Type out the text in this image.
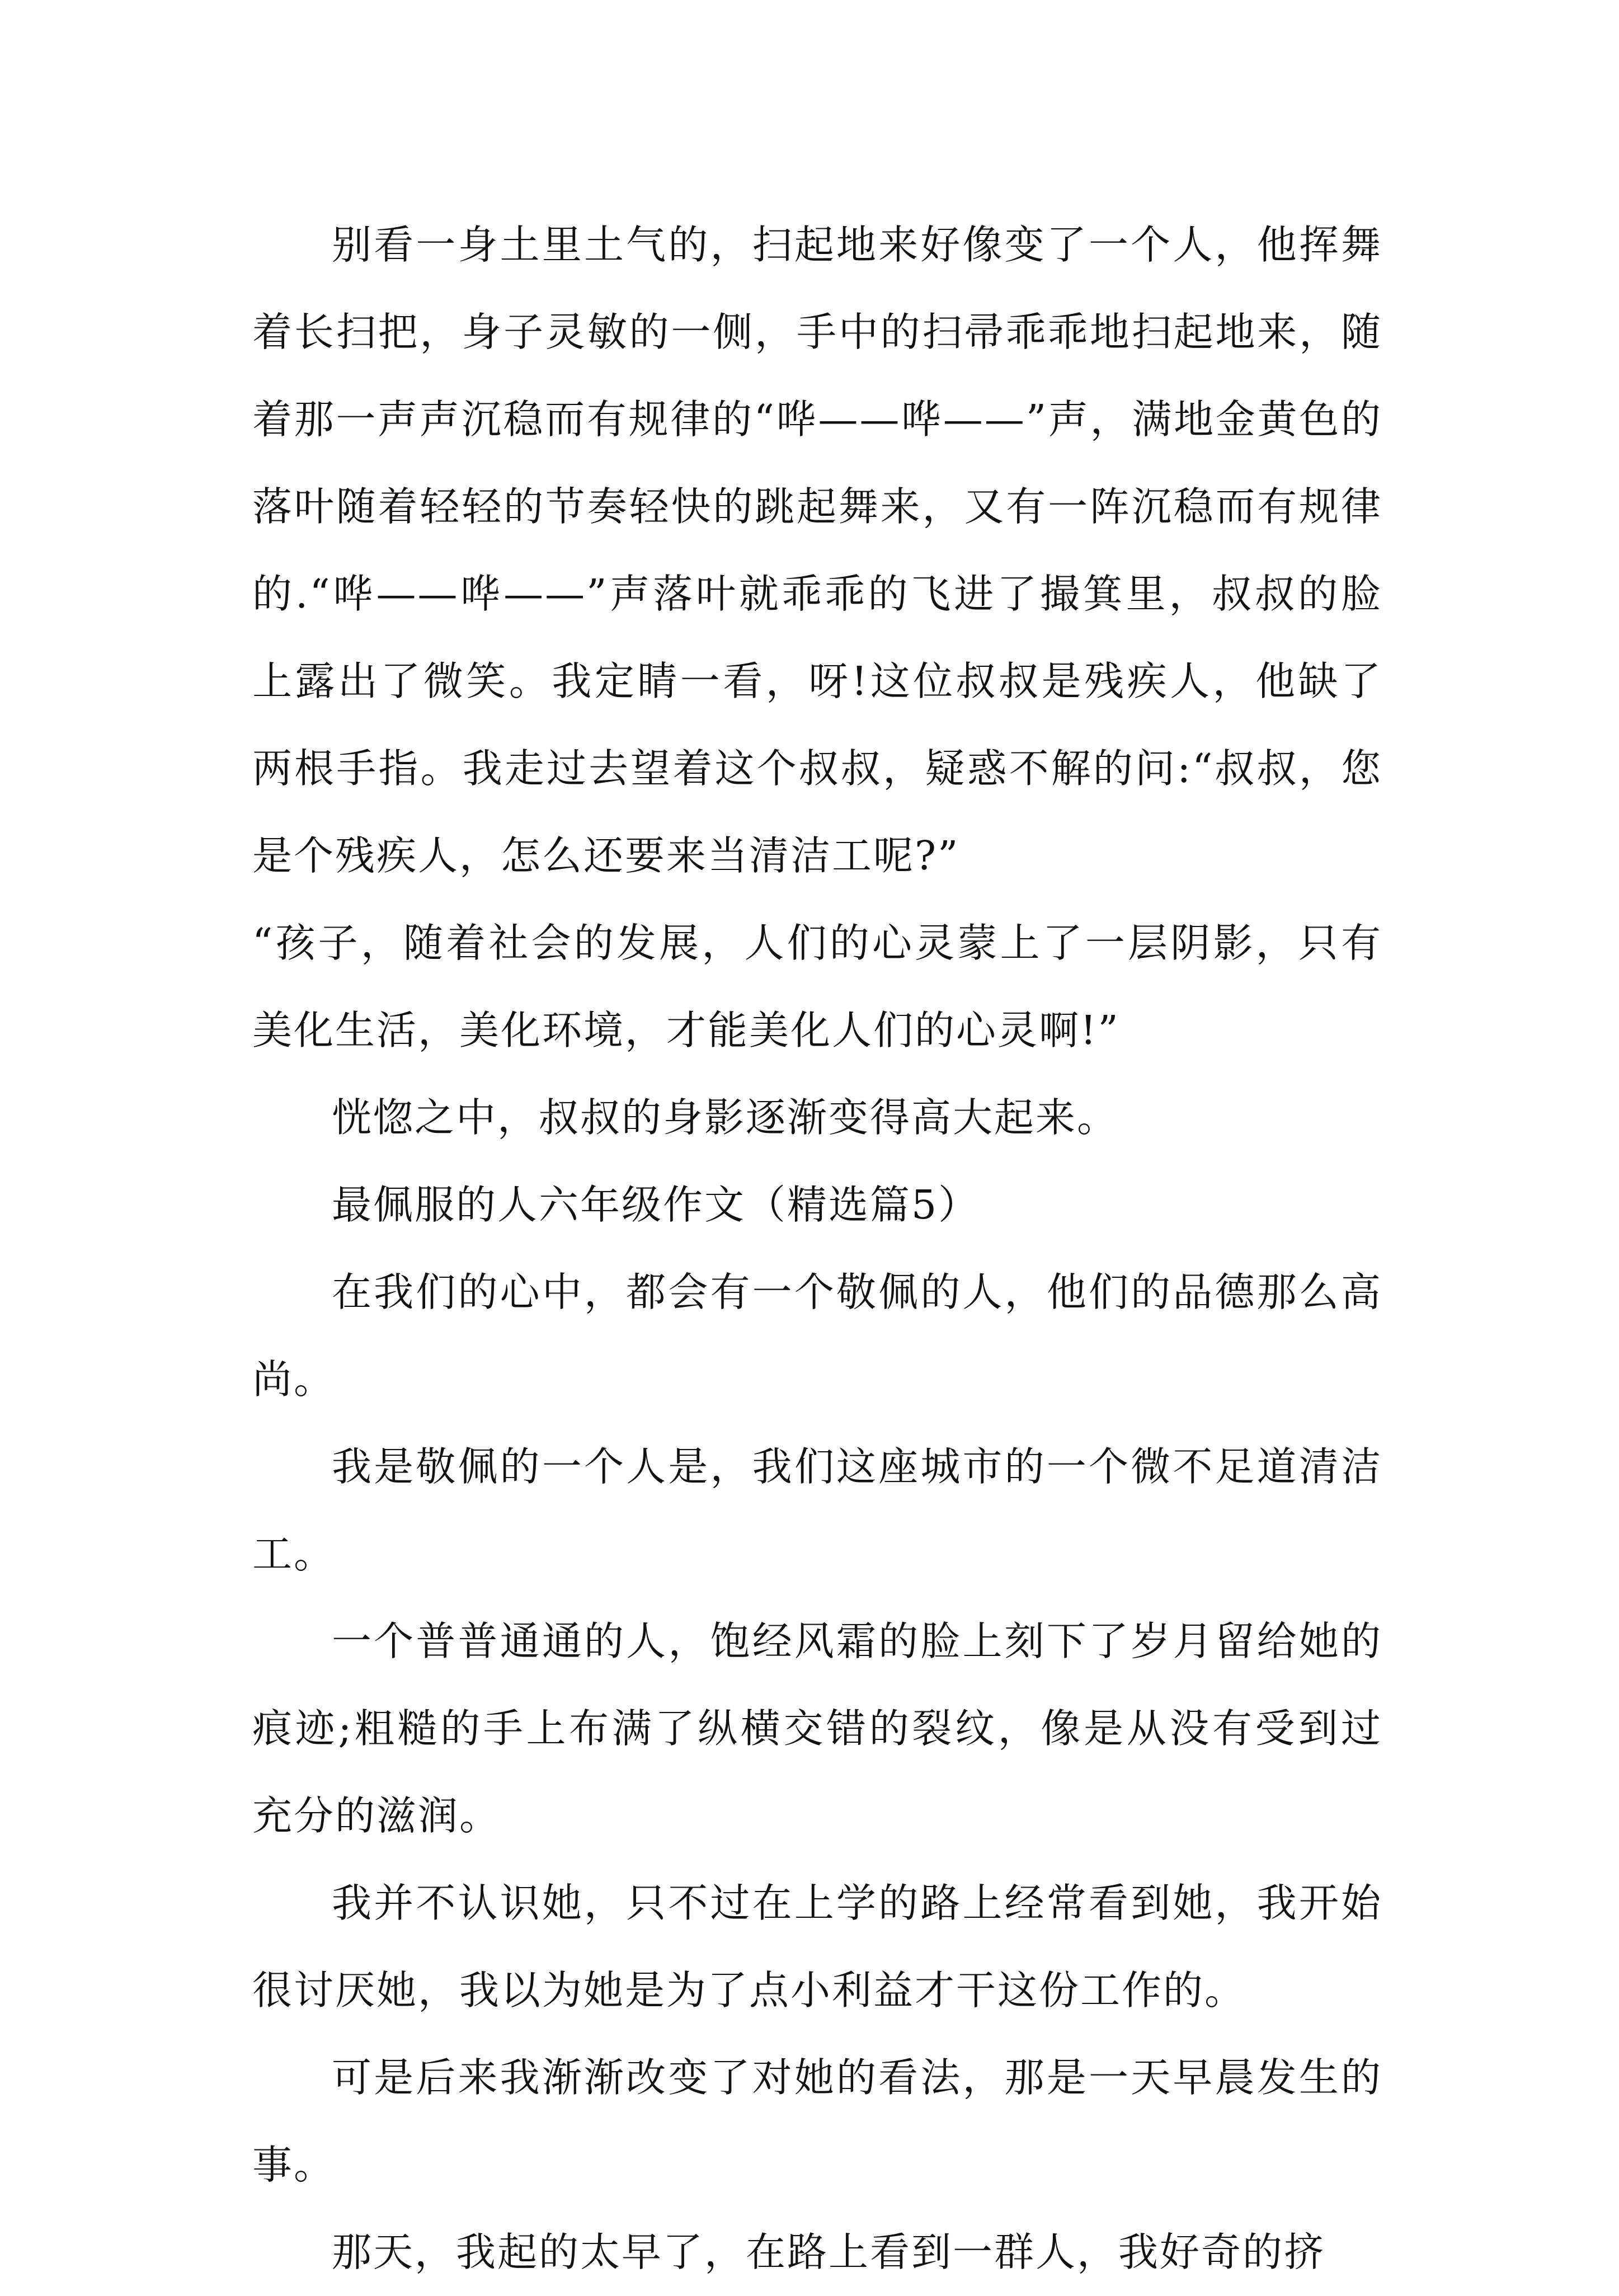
别看一身土里土气的，扫起地来好像变了一个人，他挥舞着长扫把，身子灵敏的一侧，手中的扫帚乖乖地扫起地来，随着那一声声沉稳而有规律的“哗——哗——”声，满地金黄色的落叶随着轻轻的节奏轻快的跳起舞来，又有一阵沉稳而有规律的.“哗——哗——”声落叶就乖乖的飞进了撮箕里，叔叔的脸上露出了微笑。我定睛一看，呀!这位叔叔是残疾人，他缺了两根手指。我走过去望着这个叔叔，疑惑不解的问:“叔叔，您是个残疾人，怎么还要来当清洁工呢?”

“孩子，随着社会的发展，人们的心灵蒙上了一层阴影，只有美化生活，美化环境，才能美化人们的心灵啊!”

恍惚之中，叔叔的身影逐渐变得高大起来。

最佩服的人六年级作文（精选篇5）

在我们的心中，都会有一个敬佩的人，他们的品德那么高尚。

我是敬佩的一个人是，我们这座城市的一个微不足道清洁工。

一个普普通通的人，饱经风霜的脸上刻下了岁月留给她的痕迹;粗糙的手上布满了纵横交错的裂纹，像是从没有受到过充分的滋润。

我并不认识她，只不过在上学的路上经常看到她，我开始很讨厌她，我以为她是为了点小利益才干这份工作的。

可是后来我渐渐改变了对她的看法，那是一天早晨发生的事。

那天，我起的太早了，在路上看到一群人，我好奇的挤
